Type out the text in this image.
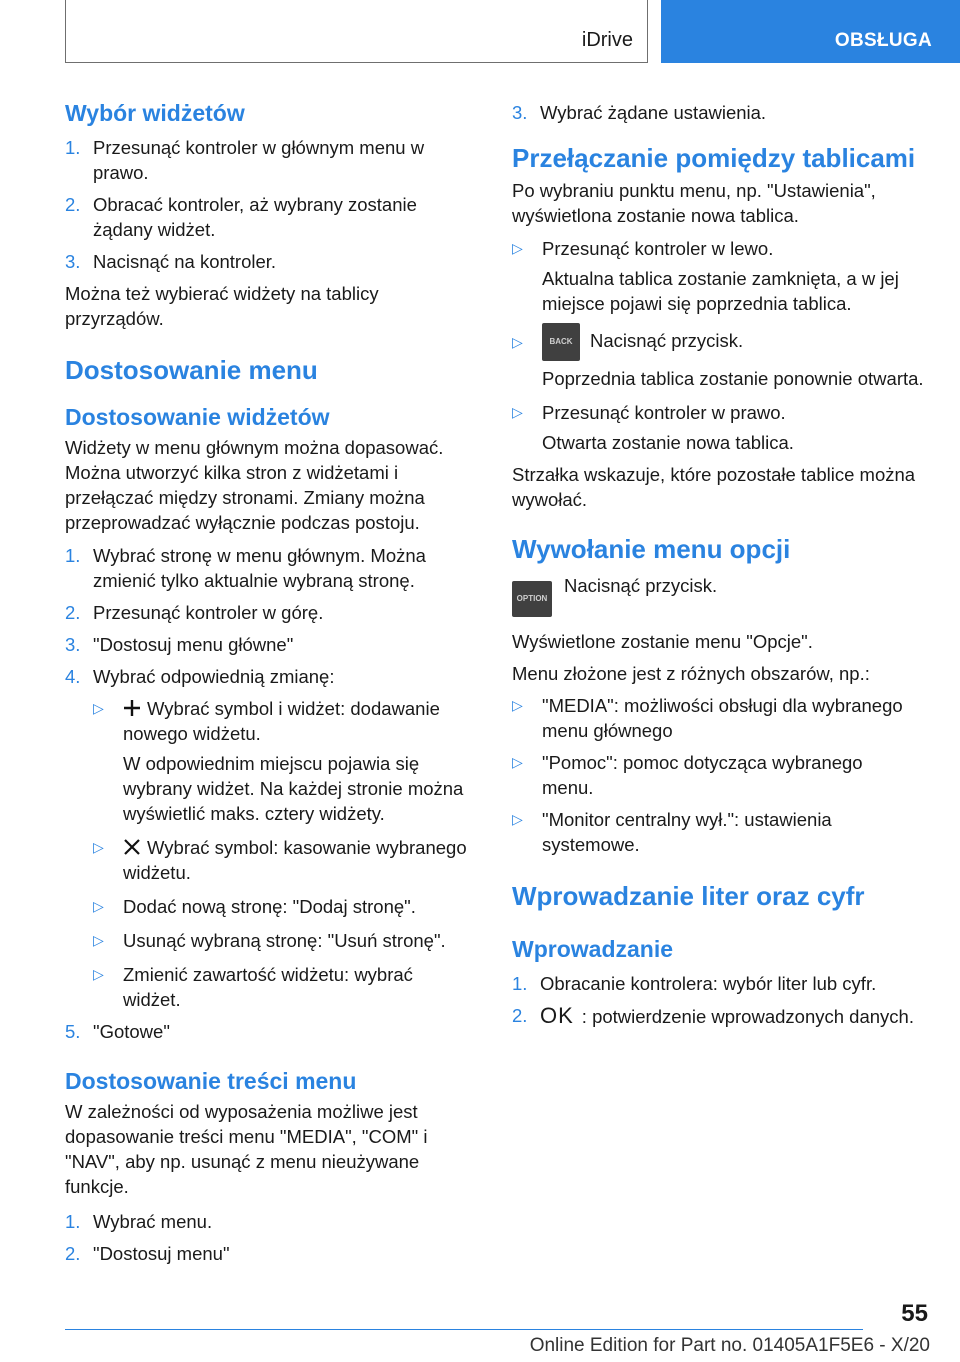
iDrive	OBSŁUGA
Wybór widżetów
1. Przesunąć kontroler w głównym menu w prawo.
2. Obracać kontroler, aż wybrany zostanie żądany widżet.
3. Nacisnąć na kontroler.

Można też wybierać widżety na tablicy przyrządów.

Dostosowanie menu
Dostosowanie widżetów

Widżety w menu głównym można dopasować. Można utworzyć kilka stron z widżetami i przełączać między stronami. Zmiany można przeprowadzać wyłącznie podczas postoju.

1. Wybrać stronę w menu głównym. Można zmienić tylko aktualnie wybraną stronę.
2. Przesunąć kontroler w górę.
3. "Dostosuj menu główne"
4. Wybrać odpowiednią zmianę:
▷	Wybrać symbol i widżet: dodawanie nowego widżetu.
W odpowiednim miejscu pojawia się wybrany widżet. Na każdej stronie można wyświetlić maks. cztery widżety.
▷	Wybrać symbol: kasowanie wybranego widżetu.
▷	Dodać nową stronę: "Dodaj stronę".
▷	Usunąć wybraną stronę: "Usuń stronę".
▷	Zmienić zawartość widżetu: wybrać widżet.
5. "Gotowe"
Dostosowanie treści menu

W zależności od wyposażenia możliwe jest dopasowanie treści menu "MEDIA", "COM" i "NAV", aby np. usunąć z menu nieużywane funkcje.

1. Wybrać menu.
2. "Dostosuj menu"
3. Wybrać żądane ustawienia.
Przełączanie pomiędzy tablicami

Po wybraniu punktu menu, np. "Ustawienia", wyświetlona zostanie nowa tablica.

▷	Przesunąć kontroler w lewo.
Aktualna tablica zostanie zamknięta, a w jej miejsce pojawi się poprzednia tablica.
▷	BACK Nacisnąć przycisk.
Poprzednia tablica zostanie ponownie otwarta.
▷	Przesunąć kontroler w prawo.
Otwarta zostanie nowa tablica.

Strzałka wskazuje, które pozostałe tablice można wywołać.

Wywołanie menu opcji
OPTION
Nacisnąć przycisk.

Wyświetlone zostanie menu "Opcje".

Menu złożone jest z różnych obszarów, np.:

▷	"MEDIA": możliwości obsługi dla wybranego menu głównego
▷	"Pomoc": pomoc dotycząca wybranego menu.
▷	"Monitor centralny wył.": ustawienia systemowe.
Wprowadzanie liter oraz cyfr
Wprowadzanie
1. Obracanie kontrolera: wybór liter lub cyfr.
2. OK : potwierdzenie wprowadzonych danych.
55
Online Edition for Part no. 01405A1F5E6 - X/20
